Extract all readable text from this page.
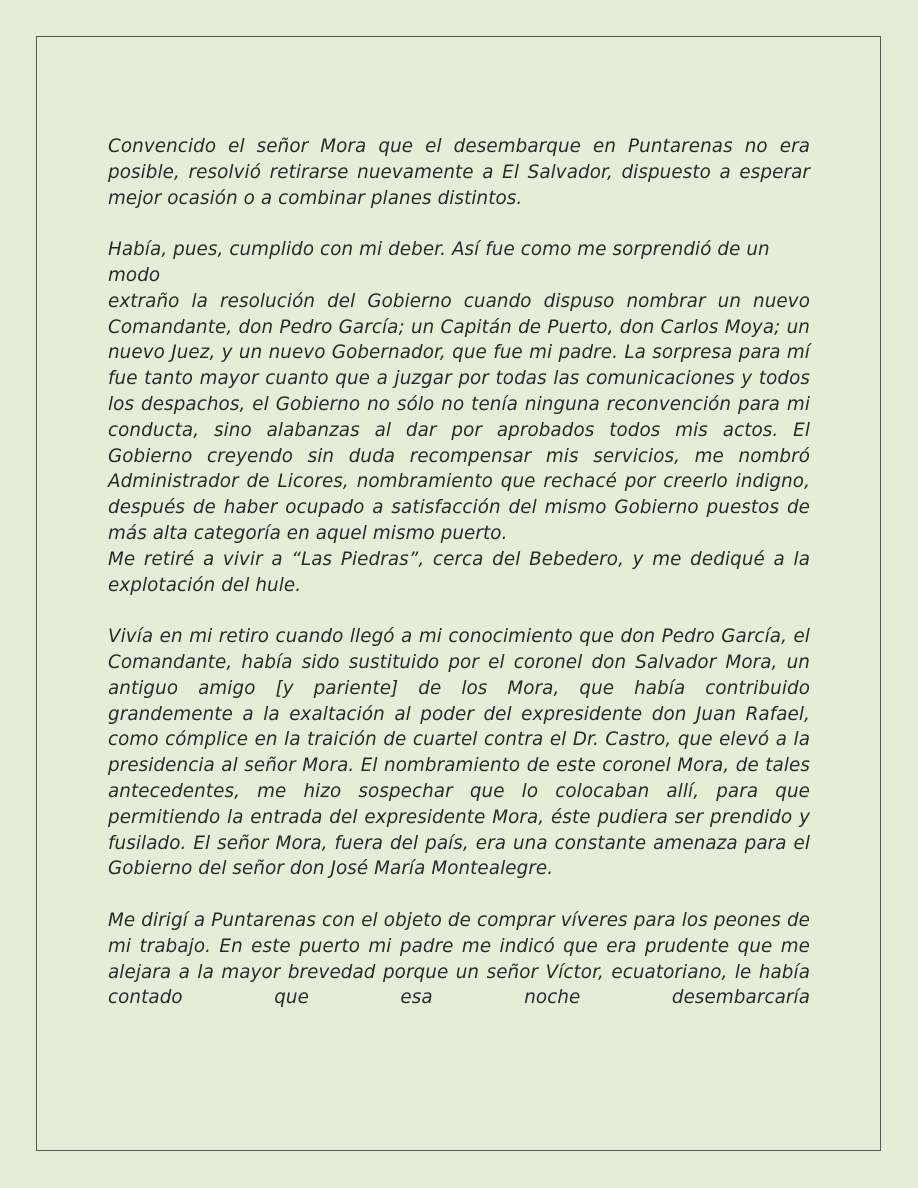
Convencido el señor Mora que el desembarque en Puntarenas no era posible, resolvió retirarse nuevamente a El Salvador, dispuesto a esperar mejor ocasión o a combinar planes distintos.

Había, pues, cumplido con mi deber. Así fue como me sorprendió de un modo

extraño la resolución del Gobierno cuando dispuso nombrar un nuevo Comandante, don Pedro García; un Capitán de Puerto, don Carlos Moya; un nuevo Juez, y un nuevo Gobernador, que fue mi padre. La sorpresa para mí fue tanto mayor cuanto que a juzgar por todas las comunicaciones y todos los despachos, el Gobierno no sólo no tenía ninguna reconvención para mi conducta, sino alabanzas al dar por aprobados todos mis actos. El Gobierno creyendo sin duda recompensar mis servicios, me nombró Administrador de Licores, nombramiento que rechacé por creerlo indigno, después de haber ocupado a satisfacción del mismo Gobierno puestos de más alta categoría en aquel mismo puerto.

Me retiré a vivir a “Las Piedras”, cerca del Bebedero, y me dediqué a la explotación del hule.

Vivía en mi retiro cuando llegó a mi conocimiento que don Pedro García, el Comandante, había sido sustituido por el coronel don Salvador Mora, un antiguo amigo [y pariente] de los Mora, que había contribuido grandemente a la exaltación al poder del expresidente don Juan Rafael, como cómplice en la traición de cuartel contra el Dr. Castro, que elevó a la presidencia al señor Mora. El nombramiento de este coronel Mora, de tales antecedentes, me hizo sospechar que lo colocaban allí, para que permitiendo la entrada del expresidente Mora, éste pudiera ser prendido y fusilado. El señor Mora, fuera del país, era una constante amenaza para el Gobierno del señor don José María Montealegre.

Me dirigí a Puntarenas con el objeto de comprar víveres para los peones de mi trabajo. En este puerto mi padre me indicó que era prudente que me alejara a la mayor brevedad porque un señor Víctor, ecuatoriano, le había contado que esa noche desembarcaría
